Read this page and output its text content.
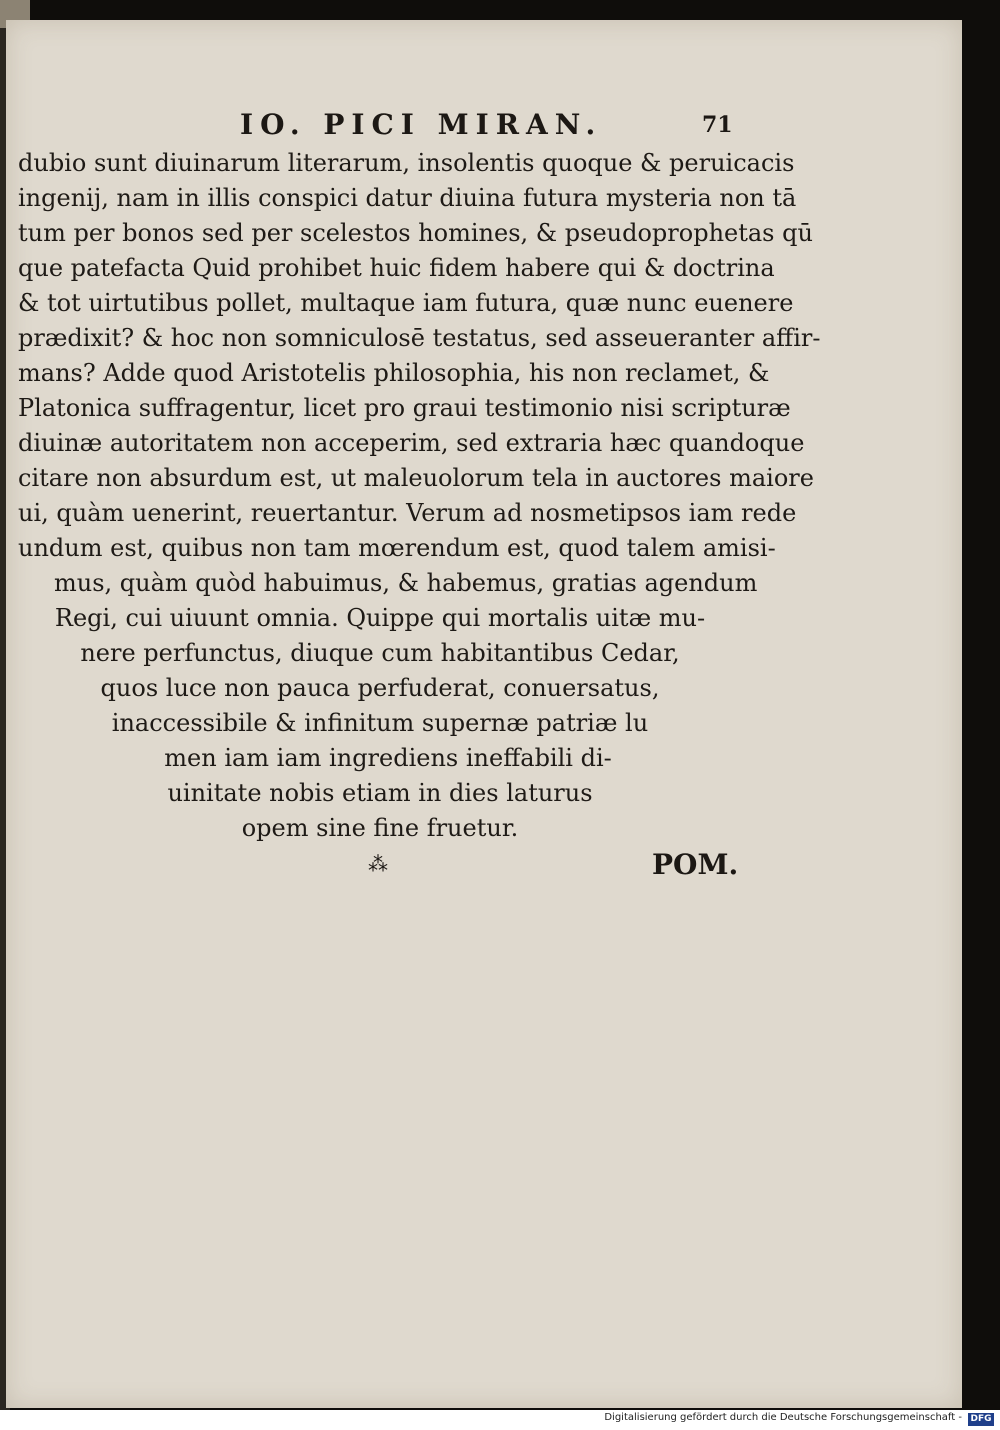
IO. PICI MIRAN.	71
dubio sunt diuinarum literarum, insolentis quoque & peruicacis
ingenij, nam in illis conspici datur diuina futura mysteria non tā
tum per bonos sed per scelestos homines, & pseudoprophetas qū
que patefacta Quid prohibet huic fidem habere qui & doctrina
& tot uirtutibus pollet, multaque iam futura, quæ nunc euenere
prædixit? & hoc non somniculosē testatus, sed asseueranter affir-
mans? Adde quod Aristotelis philosophia, his non reclamet, &
Platonica suffragentur, licet pro graui testimonio nisi scripturæ
diuinæ autoritatem non acceperim, sed extraria hæc quandoque
citare non absurdum est, ut maleuolorum tela in auctores maiore
ui, quàm uenerint, reuertantur. Verum ad nosmetipsos iam rede
undum est, quibus non tam mœrendum est, quod talem amisi-
mus, quàm quòd habuimus, & habemus, gratias agendum
Regi, cui uiuunt omnia. Quippe qui mortalis uitæ mu-
nere perfunctus, diuque cum habitantibus Cedar,
quos luce non pauca perfuderat, conuersatus,
inaccessibile & infinitum supernæ patriæ lu
men iam iam ingrediens ineffabili di-
uinitate nobis etiam in dies laturus
opem sine fine fruetur.
⁂	POM.
Digitalisierung gefördert durch die Deutsche Forschungsgemeinschaft - DFG
